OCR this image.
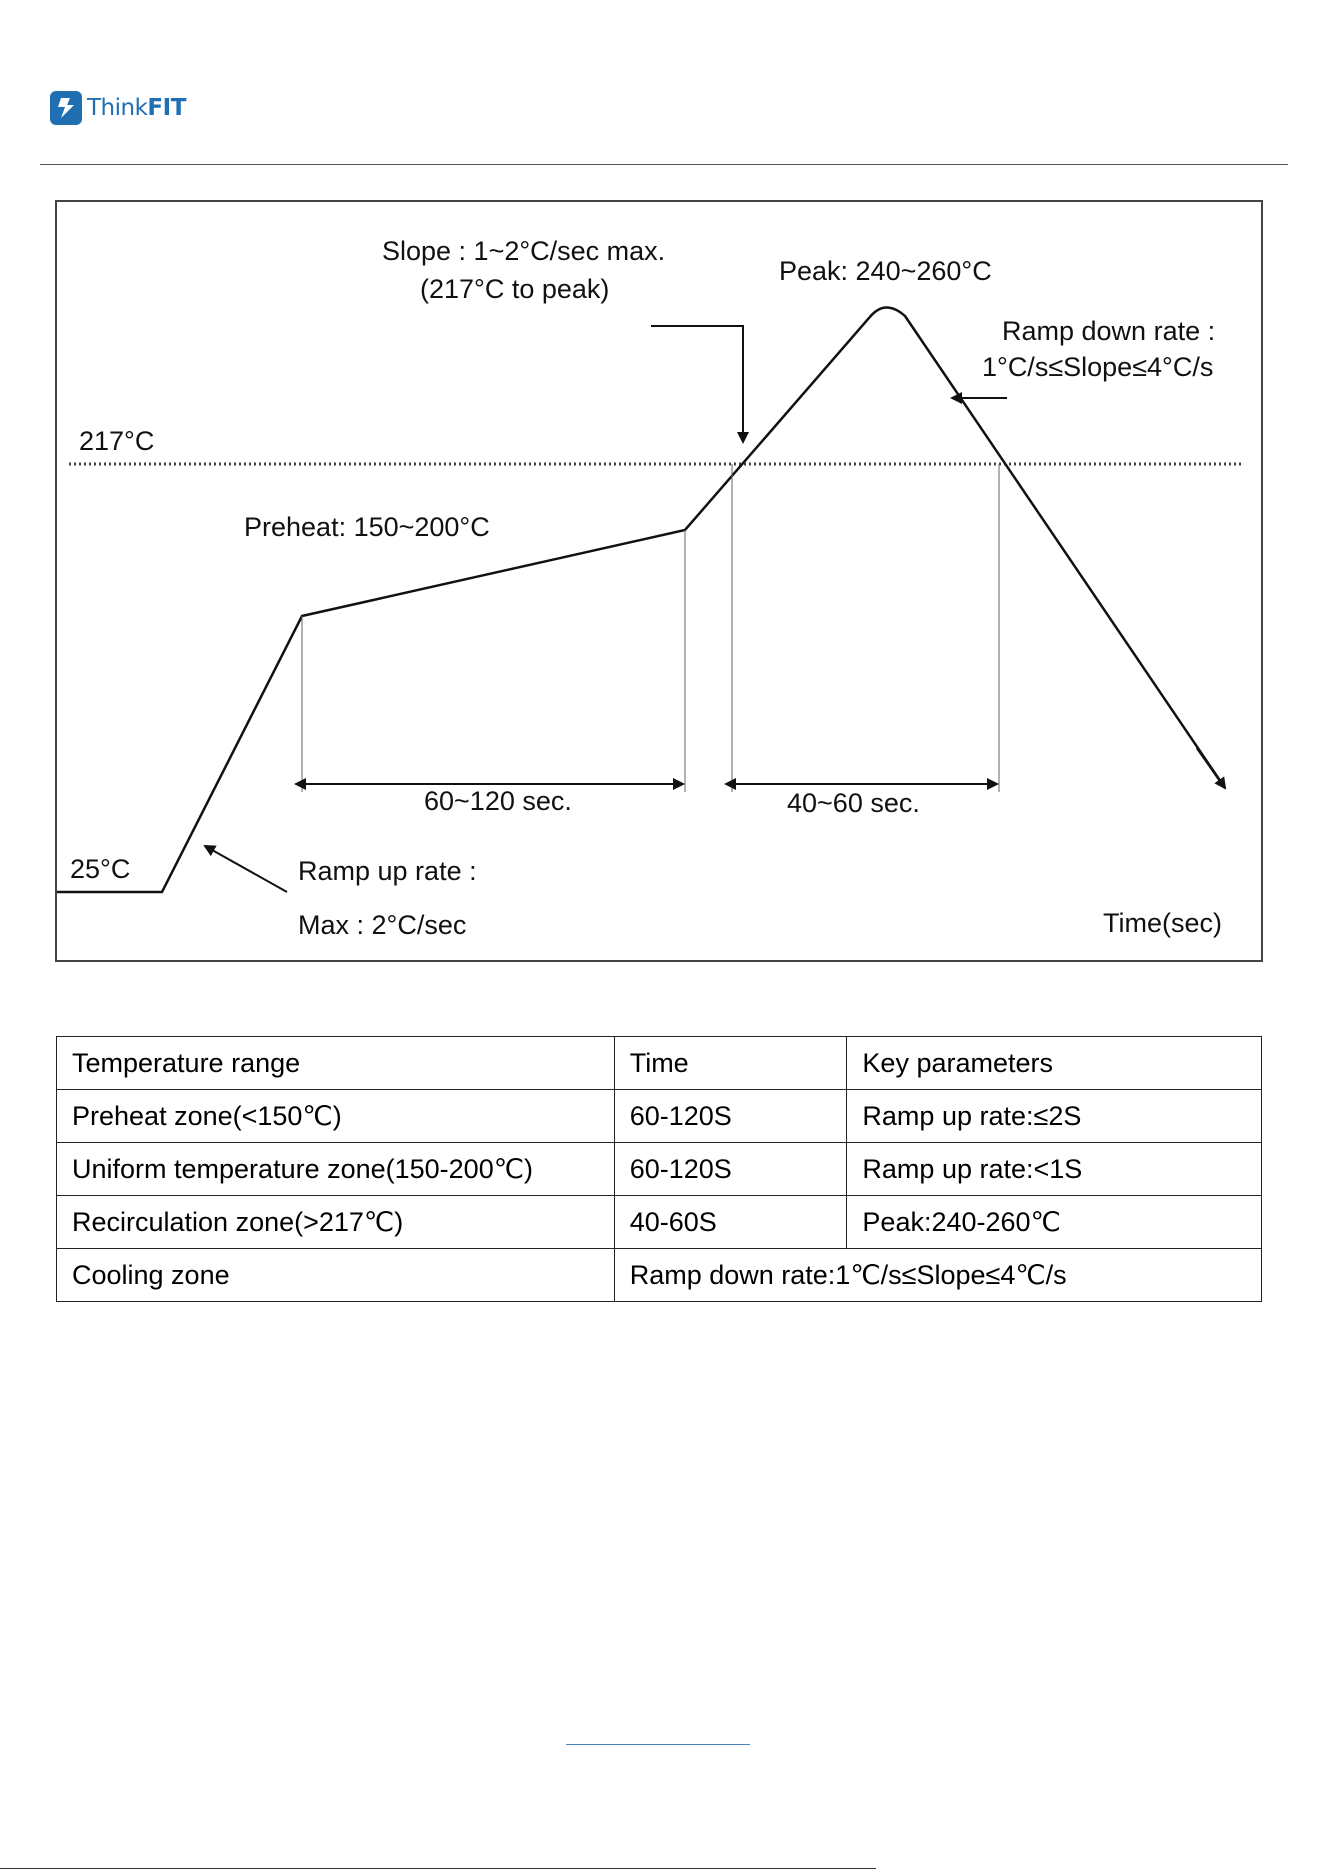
ThinkFIT
Slope : 1~2°C/sec max.
(217°C to peak)
Peak: 240~260°C
Ramp down rate :
1°C/s≤Slope≤4°C/s
217°C
Preheat: 150~200°C
60~120 sec.	40~60 sec.
25°C	Ramp up rate :
Max : 2°C/sec	Time(sec)
Temperature range	Time	Key parameters
Preheat zone(<150℃)	60-120S	Ramp up rate:≤2S
Uniform temperature zone(150-200℃)	60-120S	Ramp up rate:<1S
Recirculation zone(>217℃)	40-60S	Peak:240-260℃
Cooling zone	Ramp down rate:1℃/s≤Slope≤4℃/s	
